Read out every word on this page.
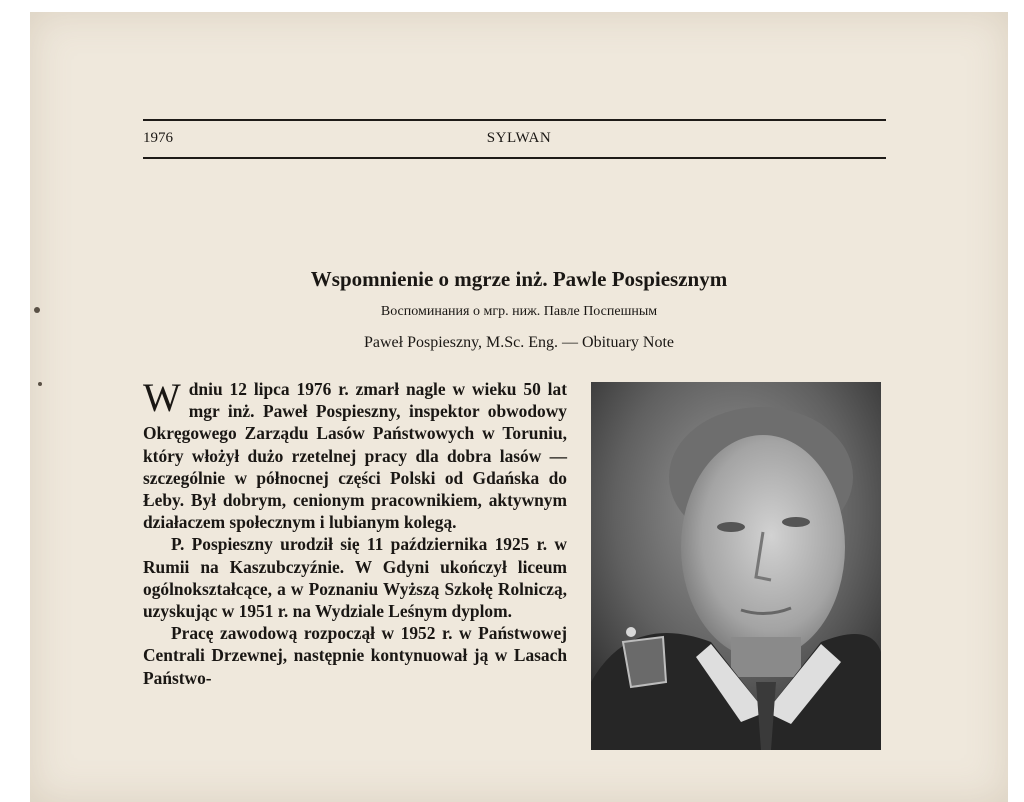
1976	SYLWAN
Wspomnienie o mgrze inż. Pawle Pospiesznym
Воспоминания о мгр. ниж. Павле Поспешным
Paweł Pospieszny, M.Sc. Eng. — Obituary Note

Wdniu 12 lipca 1976 r. zmarł nagle w wieku 50 lat mgr inż. Paweł Pospieszny, inspektor obwodowy Okręgowego Zarządu Lasów Państwowych w Toruniu, który włożył dużo rzetelnej pracy dla dobra lasów — szczególnie w północnej części Polski od Gdańska do Łeby. Był dobrym, cenionym pracownikiem, aktywnym działaczem społecznym i lubianym kolegą.

P. Pospieszny urodził się 11 października 1925 r. w Rumii na Kaszubczyźnie. W Gdyni ukończył liceum ogólnokształcące, a w Poznaniu Wyższą Szkołę Rolniczą, uzyskując w 1951 r. na Wydziale Leśnym dyplom.

Pracę zawodową rozpoczął w 1952 r. w Państwowej Centrali Drzewnej, następnie kontynuował ją w Lasach Państwo-
